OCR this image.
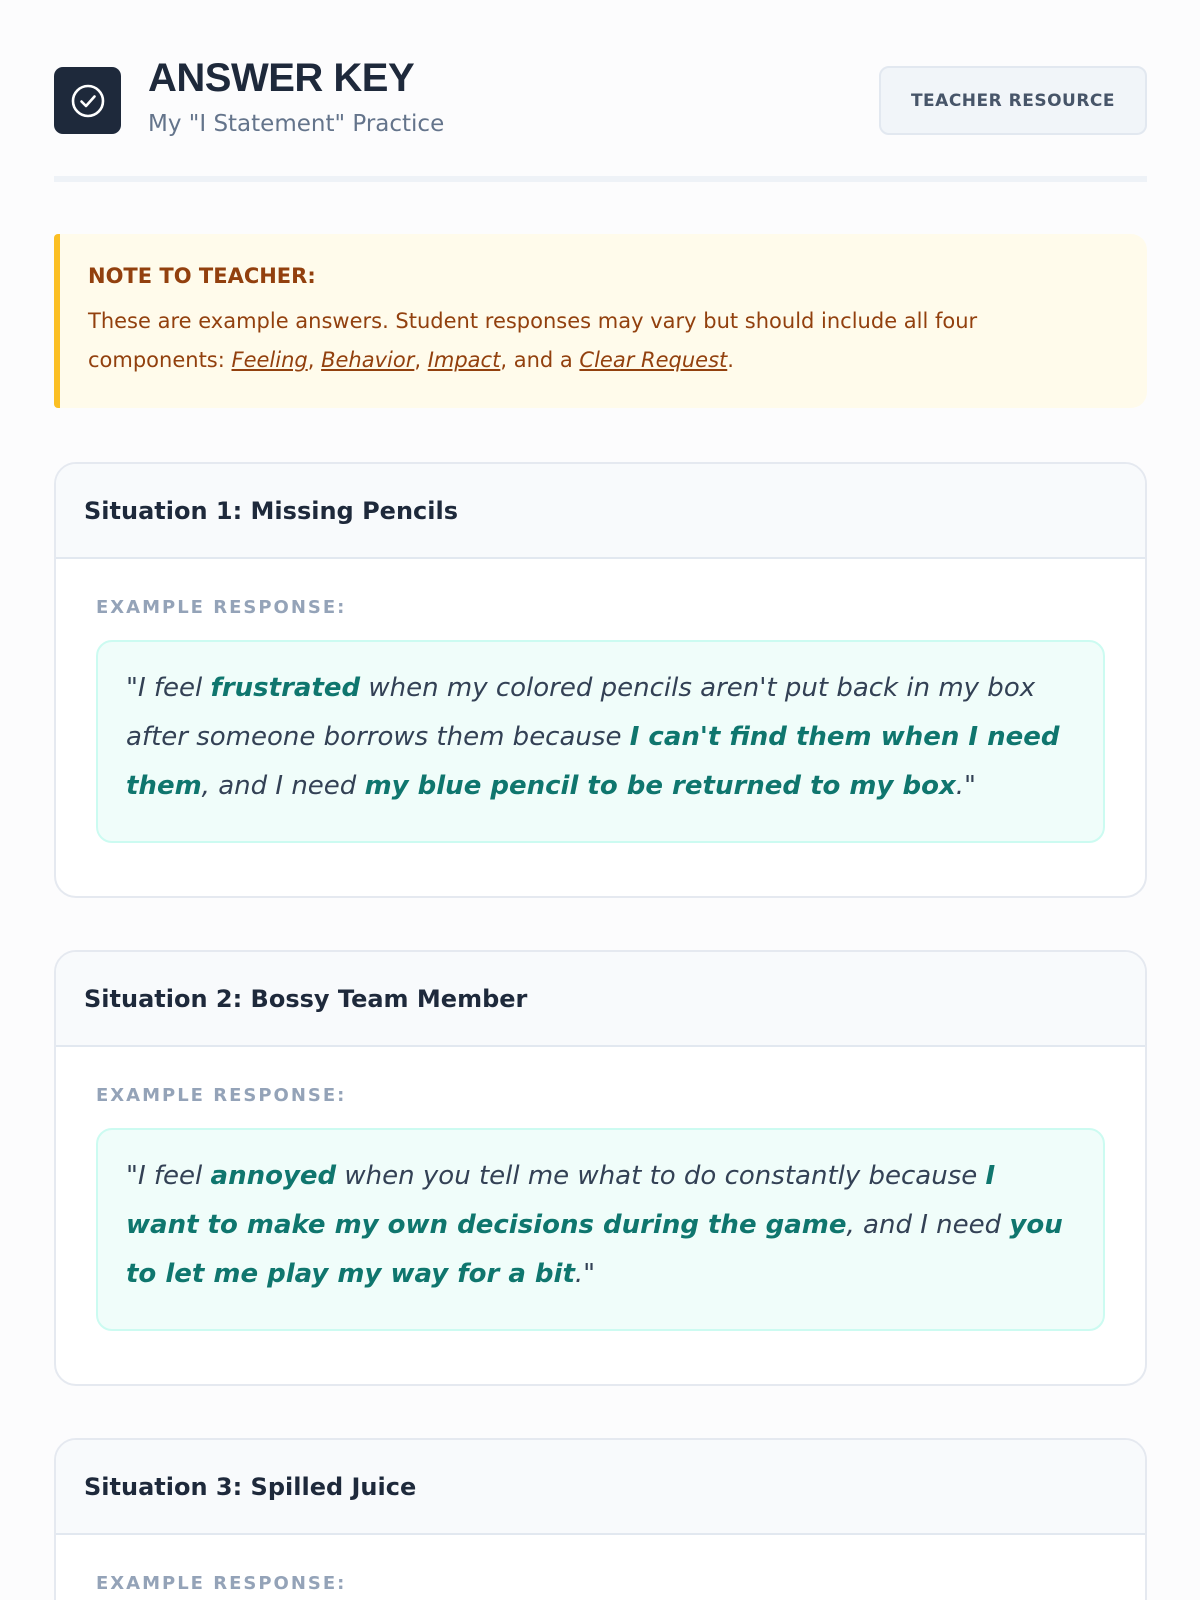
ANSWER KEY
My "I Statement" Practice
TEACHER RESOURCE
NOTE TO TEACHER:
These are example answers. Student responses may vary but should include all four components: Feeling, Behavior, Impact, and a Clear Request.
Situation 1: Missing Pencils
EXAMPLE RESPONSE:
"I feel frustrated when my colored pencils aren't put back in my box after someone borrows them because I can't find them when I need them, and I need my blue pencil to be returned to my box."
Situation 2: Bossy Team Member
EXAMPLE RESPONSE:
"I feel annoyed when you tell me what to do constantly because I want to make my own decisions during the game, and I need you to let me play my way for a bit."
Situation 3: Spilled Juice
EXAMPLE RESPONSE:
